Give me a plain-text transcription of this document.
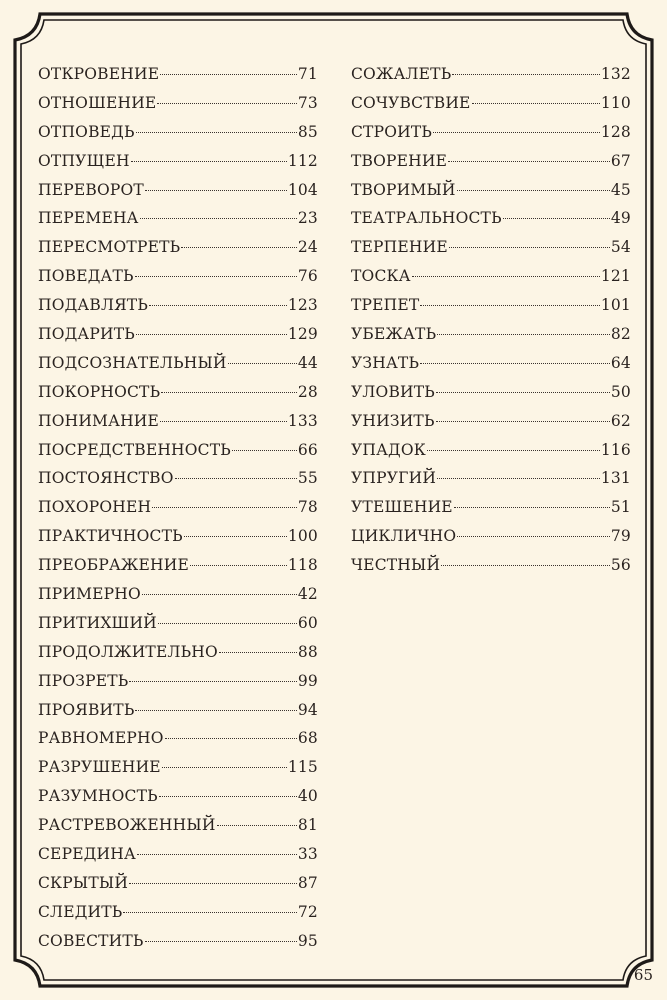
ОТКРОВЕНИЕ	71
ОТНОШЕНИЕ	73
ОТПОВЕДЬ	85
ОТПУЩЕН	112
ПЕРЕВОРОТ	104
ПЕРЕМЕНА	23
ПЕРЕСМОТРЕТЬ	24
ПОВЕДАТЬ	76
ПОДАВЛЯТЬ	123
ПОДАРИТЬ	129
ПОДСОЗНАТЕЛЬНЫЙ	44
ПОКОРНОСТЬ	28
ПОНИМАНИЕ	133
ПОСРЕДСТВЕННОСТЬ	66
ПОСТОЯНСТВО	55
ПОХОРОНЕН	78
ПРАКТИЧНОСТЬ	100
ПРЕОБРАЖЕНИЕ	118
ПРИМЕРНО	42
ПРИТИХШИЙ	60
ПРОДОЛЖИТЕЛЬНО	88
ПРОЗРЕТЬ	99
ПРОЯВИТЬ	94
РАВНОМЕРНО	68
РАЗРУШЕНИЕ	115
РАЗУМНОСТЬ	40
РАСТРЕВОЖЕННЫЙ	81
СЕРЕДИНА	33
СКРЫТЫЙ	87
СЛЕДИТЬ	72
СОВЕСТИТЬ	95
СОЖАЛЕТЬ	132
СОЧУВСТВИЕ	110
СТРОИТЬ	128
ТВОРЕНИЕ	67
ТВОРИМЫЙ	45
ТЕАТРАЛЬНОСТЬ	49
ТЕРПЕНИЕ	54
ТОСКА	121
ТРЕПЕТ	101
УБЕЖАТЬ	82
УЗНАТЬ	64
УЛОВИТЬ	50
УНИЗИТЬ	62
УПАДОК	116
УПРУГИЙ	131
УТЕШЕНИЕ	51
ЦИКЛИЧНО	79
ЧЕСТНЫЙ	56
65
